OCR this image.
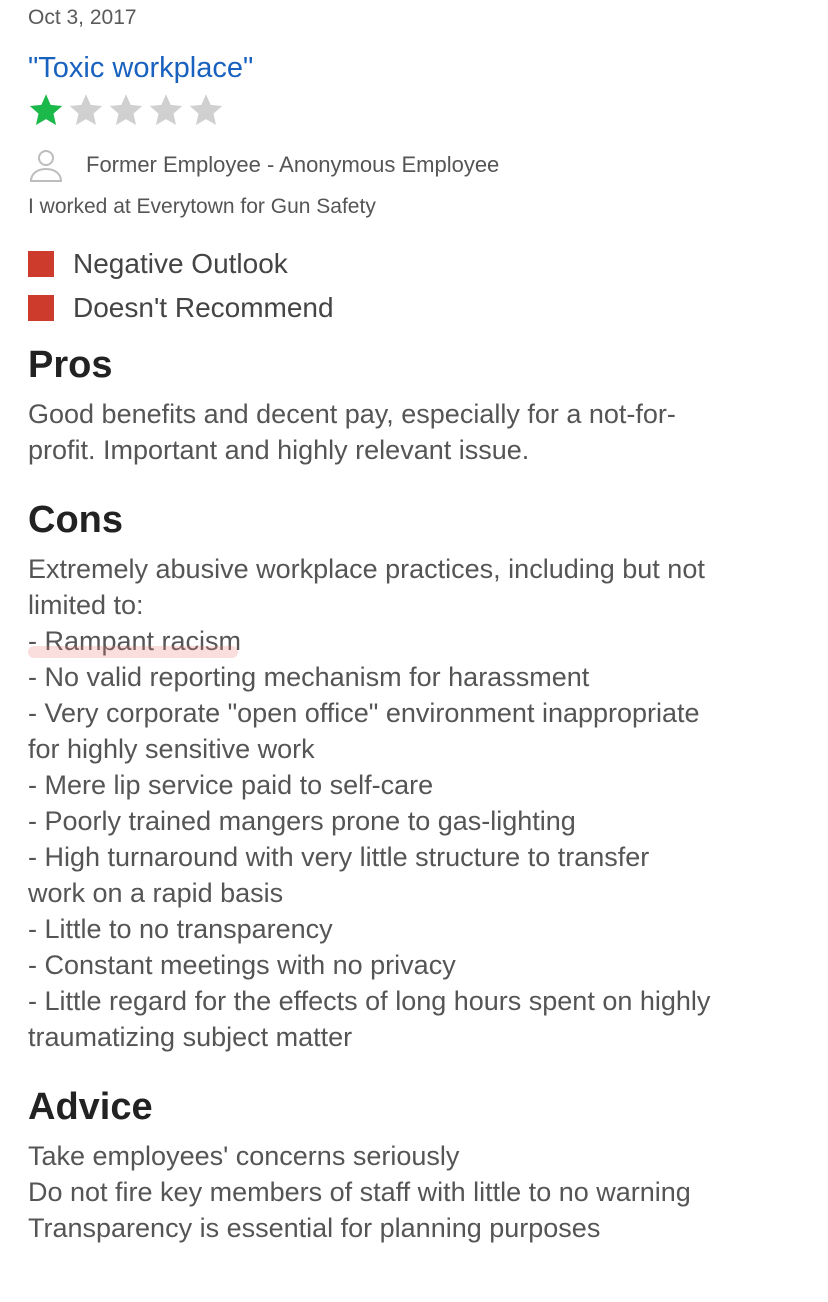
Oct 3, 2017
"Toxic workplace"
Former Employee - Anonymous Employee
I worked at Everytown for Gun Safety
Negative Outlook
Doesn't Recommend
Pros
Good benefits and decent pay, especially for a not-for-
profit. Important and highly relevant issue.
Cons
Extremely abusive workplace practices, including but not
limited to:
- Rampant racism
- No valid reporting mechanism for harassment
- Very corporate "open office" environment inappropriate
for highly sensitive work
- Mere lip service paid to self-care
- Poorly trained mangers prone to gas-lighting
- High turnaround with very little structure to transfer
work on a rapid basis
- Little to no transparency
- Constant meetings with no privacy
- Little regard for the effects of long hours spent on highly
traumatizing subject matter
Advice
Take employees' concerns seriously
Do not fire key members of staff with little to no warning
Transparency is essential for planning purposes
